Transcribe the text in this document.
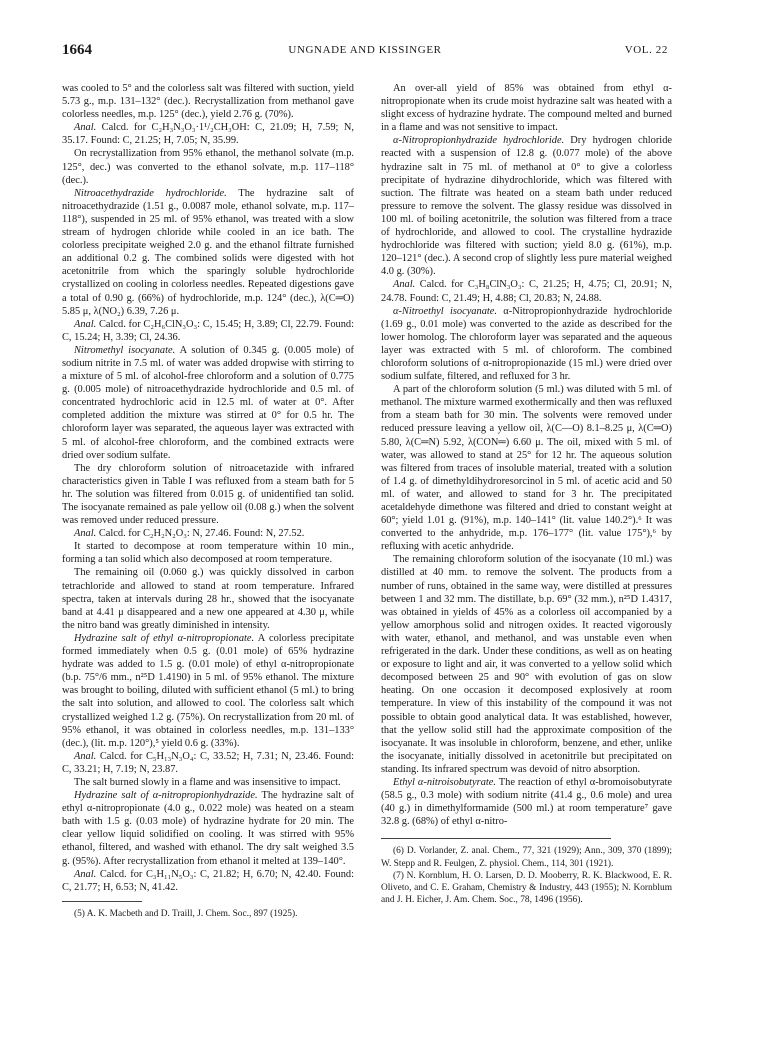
1664	UNGNADE AND KISSINGER	VOL. 22

was cooled to 5° and the colorless salt was filtered with suction, yield 5.73 g., m.p. 131–132° (dec.). Recrystallization from methanol gave colorless needles, m.p. 125° (dec.), yield 2.76 g. (70%).

Anal. Calcd. for C₂H₃N₃O₃·1¹/₂CH₃OH: C, 21.09; H, 7.59; N, 35.17. Found: C, 21.25; H, 7.05; N, 35.99.

On recrystallization from 95% ethanol, the methanol solvate (m.p. 125°, dec.) was converted to the ethanol solvate, m.p. 117–118° (dec.).

Nitroacethydrazide hydrochloride. The hydrazine salt of nitroacethydrazide (1.51 g., 0.0087 mole, ethanol solvate, m.p. 117–118°), suspended in 25 ml. of 95% ethanol, was treated with a slow stream of hydrogen chloride while cooled in an ice bath. The colorless precipitate weighed 2.0 g. and the ethanol filtrate furnished an additional 0.2 g. The combined solids were digested with hot acetonitrile from which the sparingly soluble hydrochloride crystallized on cooling in colorless needles. Repeated digestions gave a total of 0.90 g. (66%) of hydrochloride, m.p. 124° (dec.), λ(C═O) 5.85 μ, λ(NO₂) 6.39, 7.26 μ.

Anal. Calcd. for C₂H₆ClN₃O₃: C, 15.45; H, 3.89; Cl, 22.79. Found: C, 15.24; H, 3.39; Cl, 24.36.

Nitromethyl isocyanate. A solution of 0.345 g. (0.005 mole) of sodium nitrite in 7.5 ml. of water was added dropwise with stirring to a mixture of 5 ml. of alcohol-free chloroform and a solution of 0.775 g. (0.005 mole) of nitroacethydrazide hydrochloride and 0.5 ml. of concentrated hydrochloric acid in 12.5 ml. of water at 0°. After completed addition the mixture was stirred at 0° for 0.5 hr. The chloroform layer was separated, the aqueous layer was extracted with 5 ml. of alcohol-free chloroform, and the combined extracts were dried over sodium sulfate.

The dry chloroform solution of nitroacetazide with infrared characteristics given in Table I was refluxed from a steam bath for 5 hr. The solution was filtered from 0.015 g. of unidentified tan solid. The isocyanate remained as pale yellow oil (0.08 g.) when the solvent was removed under reduced pressure.

Anal. Calcd. for C₂H₂N₂O₃: N, 27.46. Found: N, 27.52.

It started to decompose at room temperature within 10 min., forming a tan solid which also decomposed at room temperature.

The remaining oil (0.060 g.) was quickly dissolved in carbon tetrachloride and allowed to stand at room temperature. Infrared spectra, taken at intervals during 28 hr., showed that the isocyanate band at 4.41 μ disappeared and a new one appeared at 4.30 μ, while the nitro band was greatly diminished in intensity.

Hydrazine salt of ethyl α-nitropropionate. A colorless precipitate formed immediately when 0.5 g. (0.01 mole) of 65% hydrazine hydrate was added to 1.5 g. (0.01 mole) of ethyl α-nitropropionate (b.p. 75°/6 mm., n²⁵D 1.4190) in 5 ml. of 95% ethanol. The mixture was brought to boiling, diluted with sufficient ethanol (5 ml.) to bring the salt into solution, and allowed to cool. The colorless salt which crystallized weighed 1.2 g. (75%). On recrystallization from 20 ml. of 95% ethanol, it was obtained in colorless needles, m.p. 131–133° (dec.), (lit. m.p. 120°),⁵ yield 0.6 g. (33%).

Anal. Calcd. for C₅H₁₃N₃O₄: C, 33.52; H, 7.31; N, 23.46. Found: C, 33.21; H, 7.19; N, 23.87.

The salt burned slowly in a flame and was insensitive to impact.

Hydrazine salt of α-nitropropionhydrazide. The hydrazine salt of ethyl α-nitropropionate (4.0 g., 0.022 mole) was heated on a steam bath with 1.5 g. (0.03 mole) of hydrazine hydrate for 20 min. The clear yellow liquid solidified on cooling. It was stirred with 95% ethanol, filtered, and washed with ethanol. The dry salt weighed 3.5 g. (95%). After recrystallization from ethanol it melted at 139–140°.

Anal. Calcd. for C₃H₁₁N₅O₃: C, 21.82; H, 6.70; N, 42.40. Found: C, 21.77; H, 6.53; N, 41.42.

(5) A. K. Macbeth and D. Traill, J. Chem. Soc., 897 (1925).

An over-all yield of 85% was obtained from ethyl α-nitropropionate when its crude moist hydrazine salt was heated with a slight excess of hydrazine hydrate. The compound melted and burned in a flame and was not sensitive to impact.

α-Nitropropionhydrazide hydrochloride. Dry hydrogen chloride reacted with a suspension of 12.8 g. (0.077 mole) of the above hydrazine salt in 75 ml. of methanol at 0° to give a colorless precipitate of hydrazine dihydrochloride, which was filtered with suction. The filtrate was heated on a steam bath under reduced pressure to remove the solvent. The glassy residue was dissolved in 100 ml. of boiling acetonitrile, the solution was filtered from a trace of hydrochloride, and allowed to cool. The crystalline hydrazide hydrochloride was filtered with suction; yield 8.0 g. (61%), m.p. 120–121° (dec.). A second crop of slightly less pure material weighed 4.0 g. (30%).

Anal. Calcd. for C₃H₈ClN₃O₃: C, 21.25; H, 4.75; Cl, 20.91; N, 24.78. Found: C, 21.49; H, 4.88; Cl, 20.83; N, 24.88.

α-Nitroethyl isocyanate. α-Nitropropionhydrazide hydrochloride (1.69 g., 0.01 mole) was converted to the azide as described for the lower homolog. The chloroform layer was separated and the aqueous layer was extracted with 5 ml. of chloroform. The combined chloroform solutions of α-nitropropionazide (15 ml.) were dried over sodium sulfate, filtered, and refluxed for 3 hr.

A part of the chloroform solution (5 ml.) was diluted with 5 ml. of methanol. The mixture warmed exothermically and then was refluxed from a steam bath for 30 min. The solvents were removed under reduced pressure leaving a yellow oil, λ(C—O) 8.1–8.25 μ, λ(C═O) 5.80, λ(C═N) 5.92, λ(CON═) 6.60 μ. The oil, mixed with 5 ml. of water, was allowed to stand at 25° for 12 hr. The aqueous solution was filtered from traces of insoluble material, treated with a solution of 1.4 g. of dimethyldihydroresorcinol in 5 ml. of acetic acid and 50 ml. of water, and allowed to stand for 3 hr. The precipitated acetaldehyde dimethone was filtered and dried to constant weight at 60°; yield 1.01 g. (91%), m.p. 140–141° (lit. value 140.2°).⁶ It was converted to the anhydride, m.p. 176–177° (lit. value 175°),⁶ by refluxing with acetic anhydride.

The remaining chloroform solution of the isocyanate (10 ml.) was distilled at 40 mm. to remove the solvent. The products from a number of runs, obtained in the same way, were distilled at pressures between 1 and 32 mm. The distillate, b.p. 69° (32 mm.), n²⁵D 1.4317, was obtained in yields of 45% as a colorless oil accompanied by a yellow amorphous solid and nitrogen oxides. It reacted vigorously with water, ethanol, and methanol, and was unstable even when refrigerated in the dark. Under these conditions, as well as on heating or exposure to light and air, it was converted to a yellow solid which decomposed between 25 and 90° with evolution of gas on slow heating. On one occasion it decomposed explosively at room temperature. In view of this instability of the compound it was not possible to obtain good analytical data. It was established, however, that the yellow solid still had the approximate composition of the isocyanate. It was insoluble in chloroform, benzene, and ether, unlike the isocyanate, initially dissolved in acetonitrile but precipitated on standing. Its infrared spectrum was devoid of nitro absorption.

Ethyl α-nitroisobutyrate. The reaction of ethyl α-bromoisobutyrate (58.5 g., 0.3 mole) with sodium nitrite (41.4 g., 0.6 mole) and urea (40 g.) in dimethylformamide (500 ml.) at room temperature⁷ gave 32.8 g. (68%) of ethyl α-nitro-

(6) D. Vorlander, Z. anal. Chem., 77, 321 (1929); Ann., 309, 370 (1899); W. Stepp and R. Feulgen, Z. physiol. Chem., 114, 301 (1921).

(7) N. Kornblum, H. O. Larsen, D. D. Mooberry, R. K. Blackwood, E. R. Oliveto, and C. E. Graham, Chemistry & Industry, 443 (1955); N. Kornblum and J. H. Eicher, J. Am. Chem. Soc., 78, 1496 (1956).
